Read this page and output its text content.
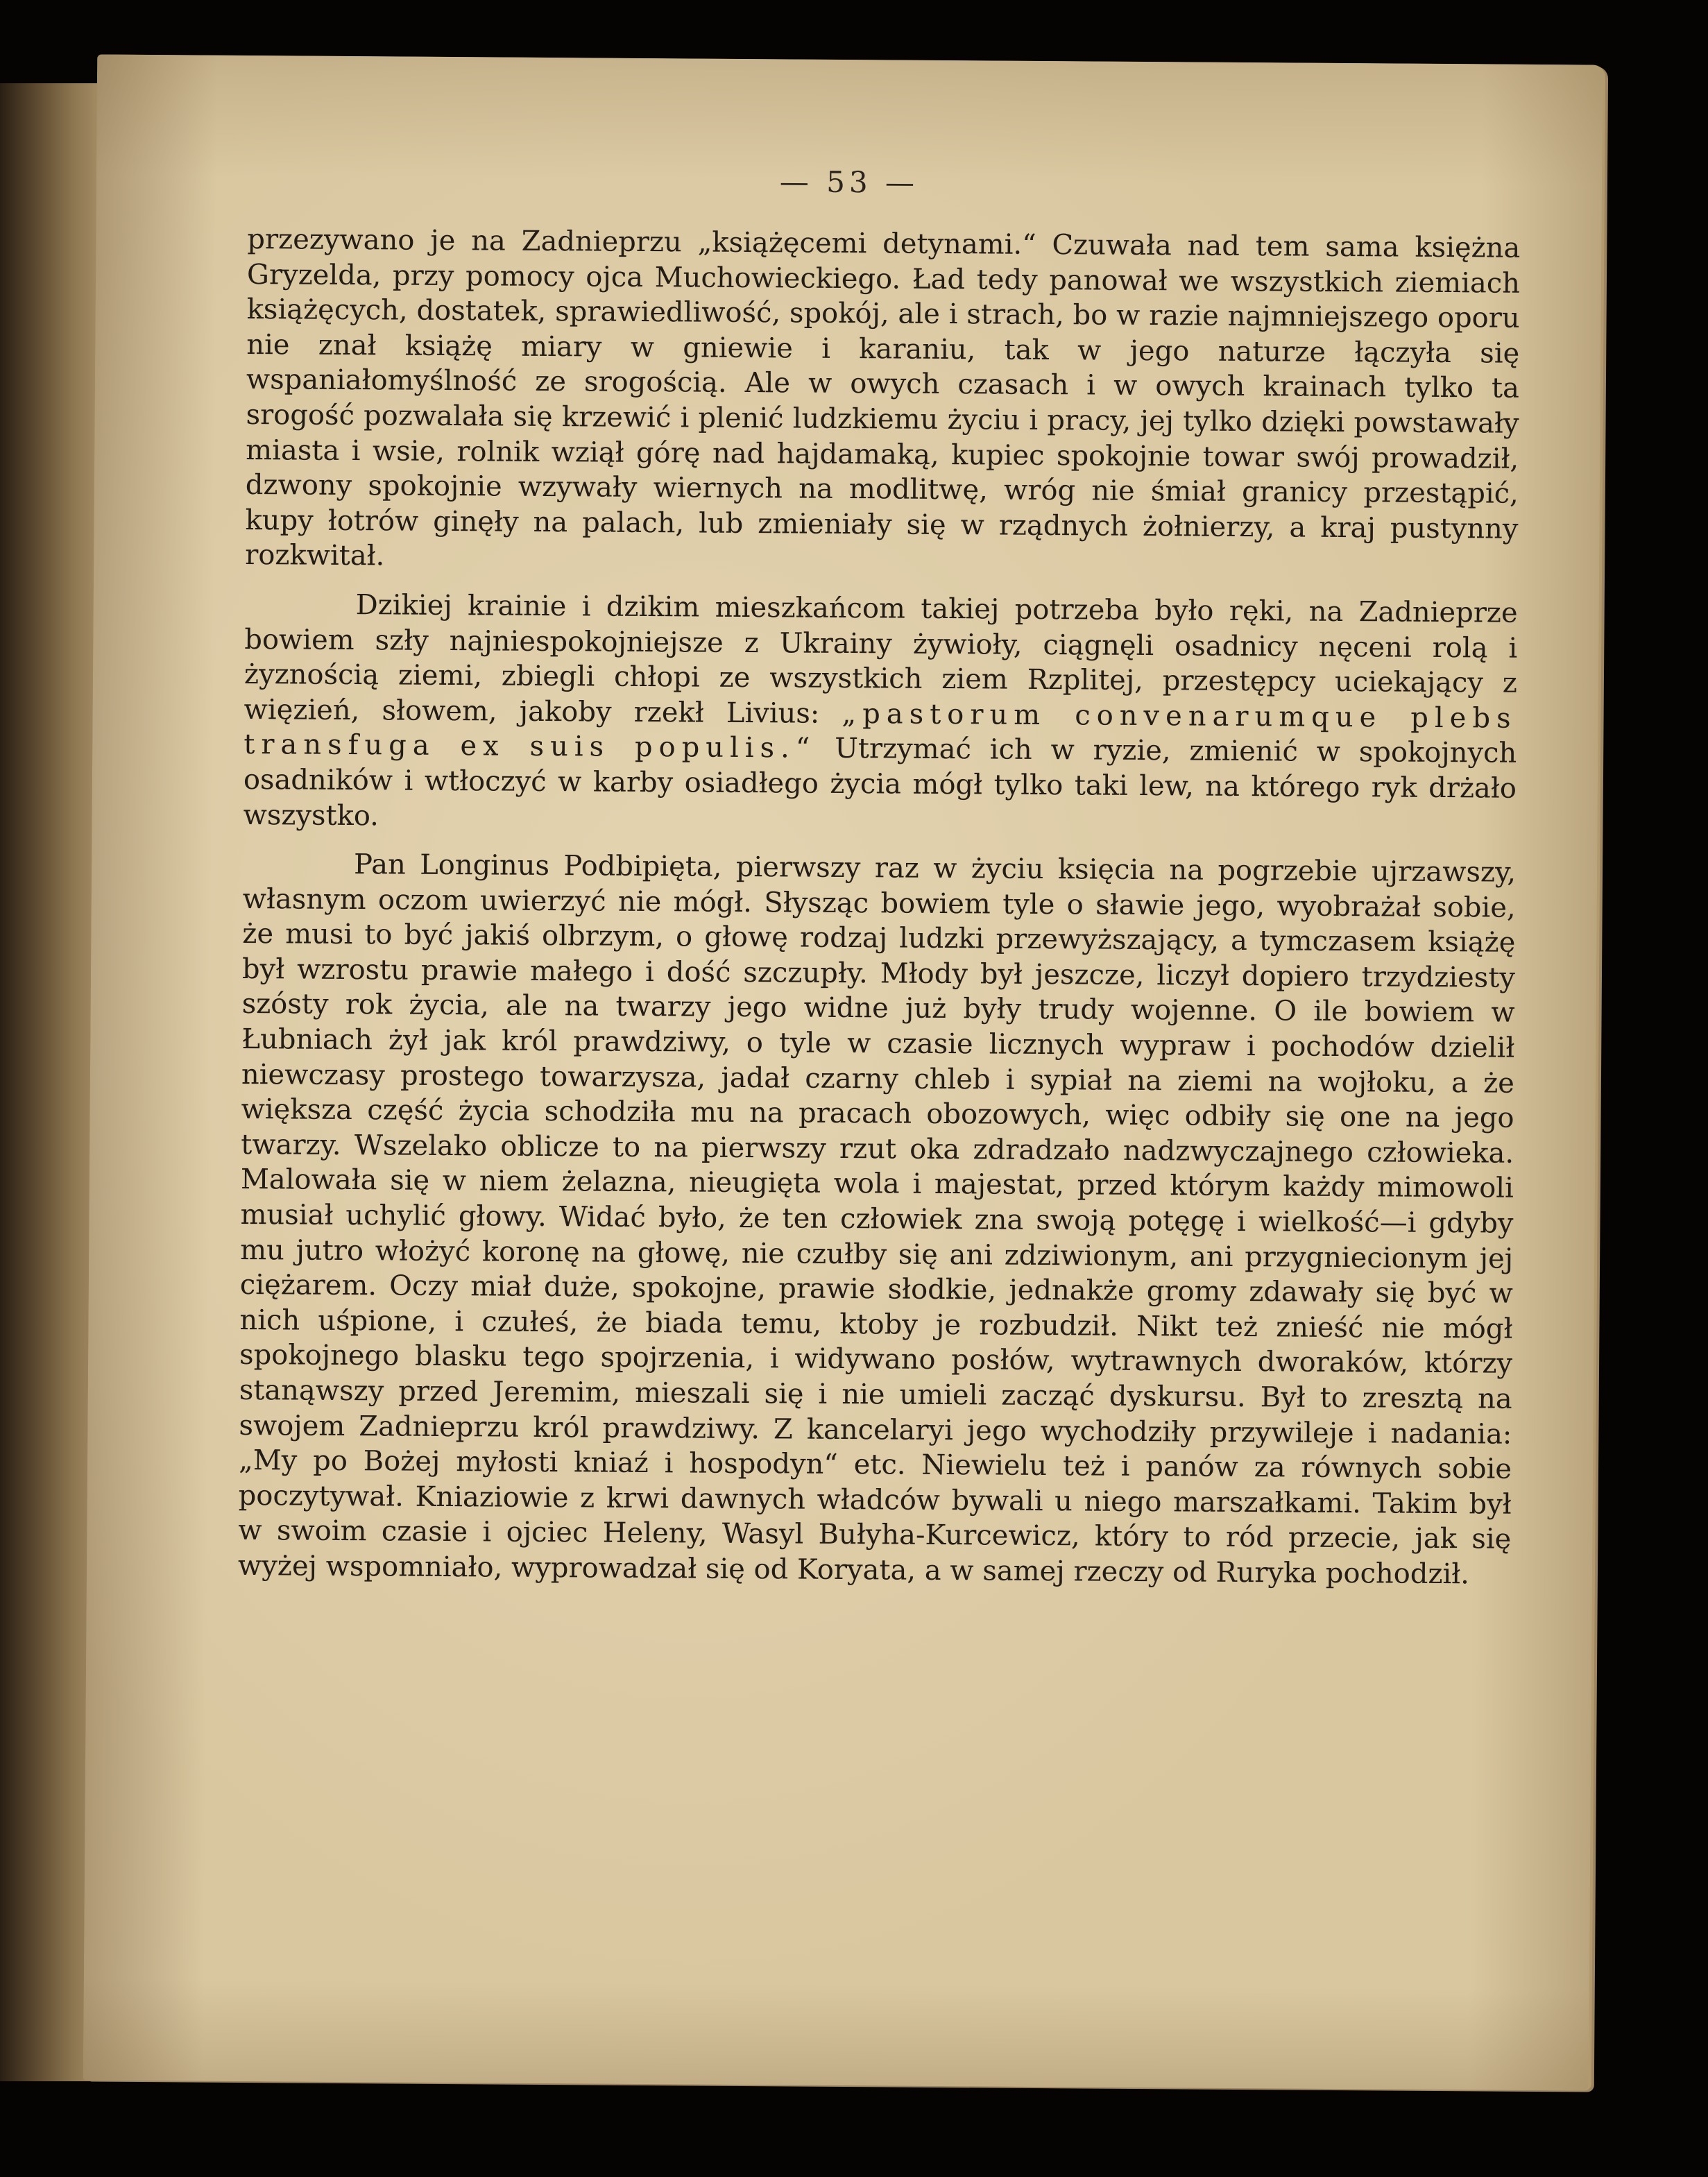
— 53 —

przezywano je na Zadnieprzu „książęcemi detynami.“ Czuwała nad tem sama księżna Gryzelda, przy pomocy ojca Muchowieckiego. Ład tedy panował we wszystkich ziemiach książęcych, dostatek, sprawiedliwość, spokój, ale i strach, bo w razie najmniejszego oporu nie znał książę miary w gniewie i karaniu, tak w jego naturze łączyła się wspaniałomyślność ze srogością. Ale w owych czasach i w owych krainach tylko ta srogość pozwalała się krzewić i plenić ludzkiemu życiu i pracy, jej tylko dzięki powstawały miasta i wsie, rolnik wziął górę nad hajdamaką, kupiec spokojnie towar swój prowadził, dzwony spokojnie wzywały wiernych na modlitwę, wróg nie śmiał granicy przestąpić, kupy łotrów ginęły na palach, lub zmieniały się w rządnych żołnierzy, a kraj pustynny rozkwitał.

Dzikiej krainie i dzikim mieszkańcom takiej potrzeba było ręki, na Zadnieprze bowiem szły najniespokojniejsze z Ukrainy żywioły, ciągnęli osadnicy nęceni rolą i żyznością ziemi, zbiegli chłopi ze wszystkich ziem Rzplitej, przestępcy uciekający z więzień, słowem, jakoby rzekł Livius: „pastorum convenarumque plebs transfuga ex suis populis.“ Utrzymać ich w ryzie, zmienić w spokojnych osadników i wtłoczyć w karby osiadłego życia mógł tylko taki lew, na którego ryk drżało wszystko.

Pan Longinus Podbipięta, pierwszy raz w życiu księcia na pogrzebie ujrzawszy, własnym oczom uwierzyć nie mógł. Słysząc bowiem tyle o sławie jego, wyobrażał sobie, że musi to być jakiś olbrzym, o głowę rodzaj ludzki przewyższający, a tymczasem książę był wzrostu prawie małego i dość szczupły. Młody był jeszcze, liczył dopiero trzydziesty szósty rok życia, ale na twarzy jego widne już były trudy wojenne. O ile bowiem w Łubniach żył jak król prawdziwy, o tyle w czasie licznych wypraw i pochodów dzielił niewczasy prostego towarzysza, jadał czarny chleb i sypiał na ziemi na wojłoku, a że większa część życia schodziła mu na pracach obozowych, więc odbiły się one na jego twarzy. Wszelako oblicze to na pierwszy rzut oka zdradzało nadzwyczajnego człowieka. Malowała się w niem żelazna, nieugięta wola i majestat, przed którym każdy mimowoli musiał uchylić głowy. Widać było, że ten człowiek zna swoją potęgę i wielkość—i gdyby mu jutro włożyć koronę na głowę, nie czułby się ani zdziwionym, ani przygniecionym jej ciężarem. Oczy miał duże, spokojne, prawie słodkie, jednakże gromy zdawały się być w nich uśpione, i czułeś, że biada temu, ktoby je rozbudził. Nikt też znieść nie mógł spokojnego blasku tego spojrzenia, i widywano posłów, wytrawnych dworaków, którzy stanąwszy przed Jeremim, mieszali się i nie umieli zacząć dyskursu. Był to zresztą na swojem Zadnieprzu król prawdziwy. Z kancelaryi jego wychodziły przywileje i nadania: „My po Bożej myłosti kniaź i hospodyn“ etc. Niewielu też i panów za równych sobie poczytywał. Kniaziowie z krwi dawnych władców bywali u niego marszałkami. Takim był w swoim czasie i ojciec Heleny, Wasyl Bułyha-Kurcewicz, który to ród przecie, jak się wyżej wspomniało, wyprowadzał się od Koryata, a w samej rzeczy od Ruryka pochodził.
